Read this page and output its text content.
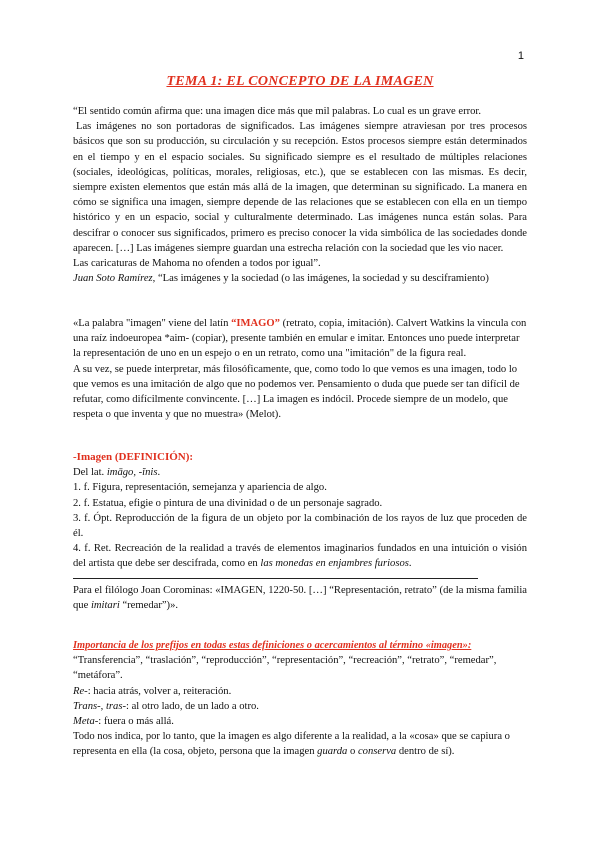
1
TEMA 1: EL CONCEPTO DE LA IMAGEN

“El sentido común afirma que: una imagen dice más que mil palabras. Lo cual es un grave error.

Las imágenes no son portadoras de significados. Las imágenes siempre atraviesan por tres procesos básicos que son su producción, su circulación y su recepción. Estos procesos siempre están determinados en el tiempo y en el espacio sociales. Su significado siempre es el resultado de múltiples relaciones (sociales, ideológicas, políticas, morales, religiosas, etc.), que se establecen con las mismas. Es decir, siempre existen elementos que están más allá de la imagen, que determinan su significado. La manera en cómo se significa una imagen, siempre depende de las relaciones que se establecen con ella en un tiempo histórico y en un espacio, social y culturalmente determinado. Las imágenes nunca están solas. Para descifrar o conocer sus significados, primero es preciso conocer la vida simbólica de las sociedades donde aparecen. […] Las imágenes siempre guardan una estrecha relación con la sociedad que les vio nacer.

Las caricaturas de Mahoma no ofenden a todos por igual”.

Juan Soto Ramírez, “Las imágenes y la sociedad (o las imágenes, la sociedad y su desciframiento)

«La palabra "imagen" viene del latín “IMAGO” (retrato, copia, imitación). Calvert Watkins la vincula con una raíz indoeuropea *aim- (copiar), presente también en emular e imitar. Entonces uno puede interpretar la representación de uno en un espejo o en un retrato, como una "imitación" de la figura real.

A su vez, se puede interpretar, más filosóficamente, que, como todo lo que vemos es una imagen, todo lo que vemos es una imitación de algo que no podemos ver. Pensamiento o duda que puede ser tan difícil de refutar, como difícilmente convincente. […] La imagen es indócil. Procede siempre de un modelo, que respeta o que inventa y que no muestra» (Melot).

-Imagen (DEFINICIÓN):

Del lat. imāgo, -ĭnis.

1. f. Figura, representación, semejanza y apariencia de algo.

2. f. Estatua, efigie o pintura de una divinidad o de un personaje sagrado.

3. f. Ópt. Reproducción de la figura de un objeto por la combinación de los rayos de luz que proceden de él.

4. f. Ret. Recreación de la realidad a través de elementos imaginarios fundados en una intuición o visión del artista que debe ser descifrada, como en las monedas en enjambres furiosos.

Para el filólogo Joan Corominas: «IMAGEN, 1220-50. […] “Representación, retrato” (de la misma familia que imitari “remedar”)».

Importancia de los prefijos en todas estas definiciones o acercamientos al término «imagen»:

“Transferencia”, “traslación”, “reproducción”, “representación”, “recreación”, “retrato”, “remedar”, “metáfora”.

Re-: hacia atrás, volver a, reiteración.

Trans-, tras-: al otro lado, de un lado a otro.

Meta-: fuera o más allá.

Todo nos indica, por lo tanto, que la imagen es algo diferente a la realidad, a la «cosa» que se capiura o representa en ella (la cosa, objeto, persona que la imagen guarda o conserva dentro de sí).
